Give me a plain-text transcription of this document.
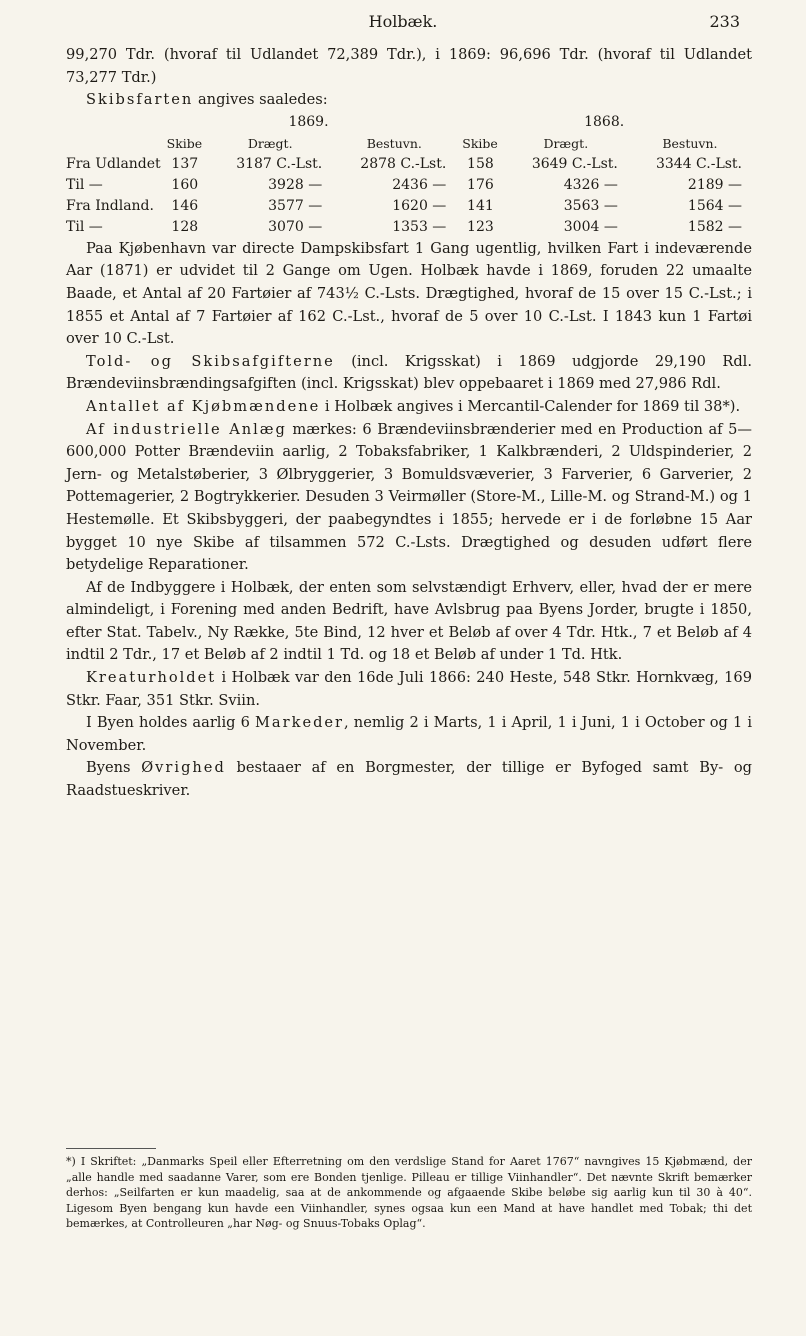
Holbæk.	233

99,270 Tdr. (hvoraf til Udlandet 72,389 Tdr.), i 1869: 96,696 Tdr. (hvoraf til Udlandet 73,277 Tdr.)

Skibsfarten angives saaledes:

	1869.			1868.		
	Skibe	Drægt.	Bestuvn.	Skibe	Drægt.	Bestuvn.
Fra Udlandet	137	3187 C.-Lst.	2878 C.-Lst.	158	3649 C.-Lst.	3344 C.-Lst.
Til —	160	3928 —	2436 —	176	4326 —	2189 —
Fra Indland.	146	3577 —	1620 —	141	3563 —	1564 —
Til —	128	3070 —	1353 —	123	3004 —	1582 —

Paa Kjøbenhavn var directe Dampskibsfart 1 Gang ugentlig, hvilken Fart i indeværende Aar (1871) er udvidet til 2 Gange om Ugen. Holbæk havde i 1869, foruden 22 umaalte Baade, et Antal af 20 Fartøier af 743½ C.-Lsts. Drægtighed, hvoraf de 15 over 15 C.-Lst.; i 1855 et Antal af 7 Fartøier af 162 C.-Lst., hvoraf de 5 over 10 C.-Lst. I 1843 kun 1 Fartøi over 10 C.-Lst.

Told- og Skibsafgifterne (incl. Krigsskat) i 1869 udgjorde 29,190 Rdl. Brændeviinsbrændingsafgiften (incl. Krigsskat) blev oppebaaret i 1869 med 27,986 Rdl.

Antallet af Kjøbmændene i Holbæk angives i Mercantil-Calender for 1869 til 38*).

Af industrielle Anlæg mærkes: 6 Brændeviinsbrænderier med en Production af 5—600,000 Potter Brændeviin aarlig, 2 Tobaksfabriker, 1 Kalkbrænderi, 2 Uldspinderier, 2 Jern- og Metalstøberier, 3 Ølbryggerier, 3 Bomuldsvæverier, 3 Farverier, 6 Garverier, 2 Pottemagerier, 2 Bogtrykkerier. Desuden 3 Veirmøller (Store-M., Lille-M. og Strand-M.) og 1 Hestemølle. Et Skibsbyggeri, der paabegyndtes i 1855; hervede er i de forløbne 15 Aar bygget 10 nye Skibe af tilsammen 572 C.-Lsts. Drægtighed og desuden udført flere betydelige Reparationer.

Af de Indbyggere i Holbæk, der enten som selvstændigt Erhverv, eller, hvad der er mere almindeligt, i Forening med anden Bedrift, have Avlsbrug paa Byens Jorder, brugte i 1850, efter Stat. Tabelv., Ny Række, 5te Bind, 12 hver et Beløb af over 4 Tdr. Htk., 7 et Beløb af 4 indtil 2 Tdr., 17 et Beløb af 2 indtil 1 Td. og 18 et Beløb af under 1 Td. Htk.

Kreaturholdet i Holbæk var den 16de Juli 1866: 240 Heste, 548 Stkr. Hornkvæg, 169 Stkr. Faar, 351 Stkr. Sviin.

I Byen holdes aarlig 6 Markeder, nemlig 2 i Marts, 1 i April, 1 i Juni, 1 i October og 1 i November.

Byens Øvrighed bestaaer af en Borgmester, der tillige er Byfoged samt By- og Raadstueskriver.

*) I Skriftet: „Danmarks Speil eller Efterretning om den verdslige Stand for Aaret 1767“ navngives 15 Kjøbmænd, der „alle handle med saadanne Varer, som ere Bonden tjenlige. Pilleau er tillige Viinhandler“. Det nævnte Skrift bemærker derhos: „Seilfarten er kun maadelig, saa at de ankommende og afgaaende Skibe beløbe sig aarlig kun til 30 à 40“. Ligesom Byen bengang kun havde een Viinhandler, synes ogsaa kun een Mand at have handlet med Tobak; thi det bemærkes, at Controlleuren „har Nøg- og Snuus-Tobaks Oplag“.
